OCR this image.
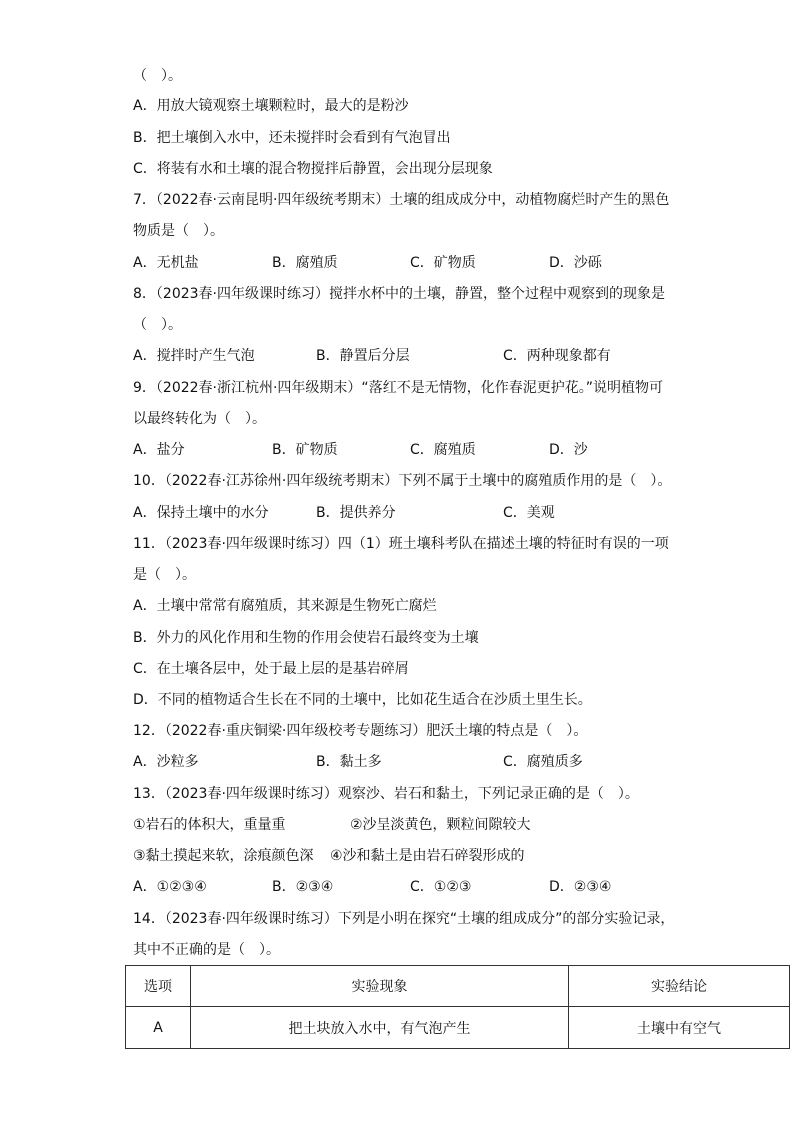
（　）。
A．用放大镜观察土壤颗粒时，最大的是粉沙
B．把土壤倒入水中，还未搅拌时会看到有气泡冒出
C．将装有水和土壤的混合物搅拌后静置，会出现分层现象
7．（2022春·云南昆明·四年级统考期末）土壤的组成成分中，动植物腐烂时产生的黑色
物质是（　）。
A．无机盐	B．腐殖质	C．矿物质	D．沙砾
8．（2023春·四年级课时练习）搅拌水杯中的土壤，静置，整个过程中观察到的现象是
（　）。
A．搅拌时产生气泡	B．静置后分层	C．两种现象都有
9．（2022春·浙江杭州·四年级期末）“落红不是无情物，化作春泥更护花。”说明植物可
以最终转化为（　）。
A．盐分	B．矿物质	C．腐殖质	D．沙
10．（2022春·江苏徐州·四年级统考期末）下列不属于土壤中的腐殖质作用的是（　）。
A．保持土壤中的水分	B．提供养分	C．美观
11．（2023春·四年级课时练习）四（1）班土壤科考队在描述土壤的特征时有误的一项
是（　）。
A．土壤中常常有腐殖质，其来源是生物死亡腐烂
B．外力的风化作用和生物的作用会使岩石最终变为土壤
C．在土壤各层中，处于最上层的是基岩碎屑
D．不同的植物适合生长在不同的土壤中，比如花生适合在沙质土里生长。
12．（2022春·重庆铜梁·四年级校考专题练习）肥沃土壤的特点是（　）。
A．沙粒多	B．黏土多	C．腐殖质多
13．（2023春·四年级课时练习）观察沙、岩石和黏土，下列记录正确的是（　）。
①岩石的体积大，重量重	②沙呈淡黄色，颗粒间隙较大
③黏土摸起来软，涂痕颜色深 ④沙和黏土是由岩石碎裂形成的
A．①②③④	B．②③④	C．①②③	D．②③④
14．（2023春·四年级课时练习）下列是小明在探究“土壤的组成成分”的部分实验记录，
其中不正确的是（　）。
选项	实验现象	实验结论
A	把土块放入水中，有气泡产生	土壤中有空气
